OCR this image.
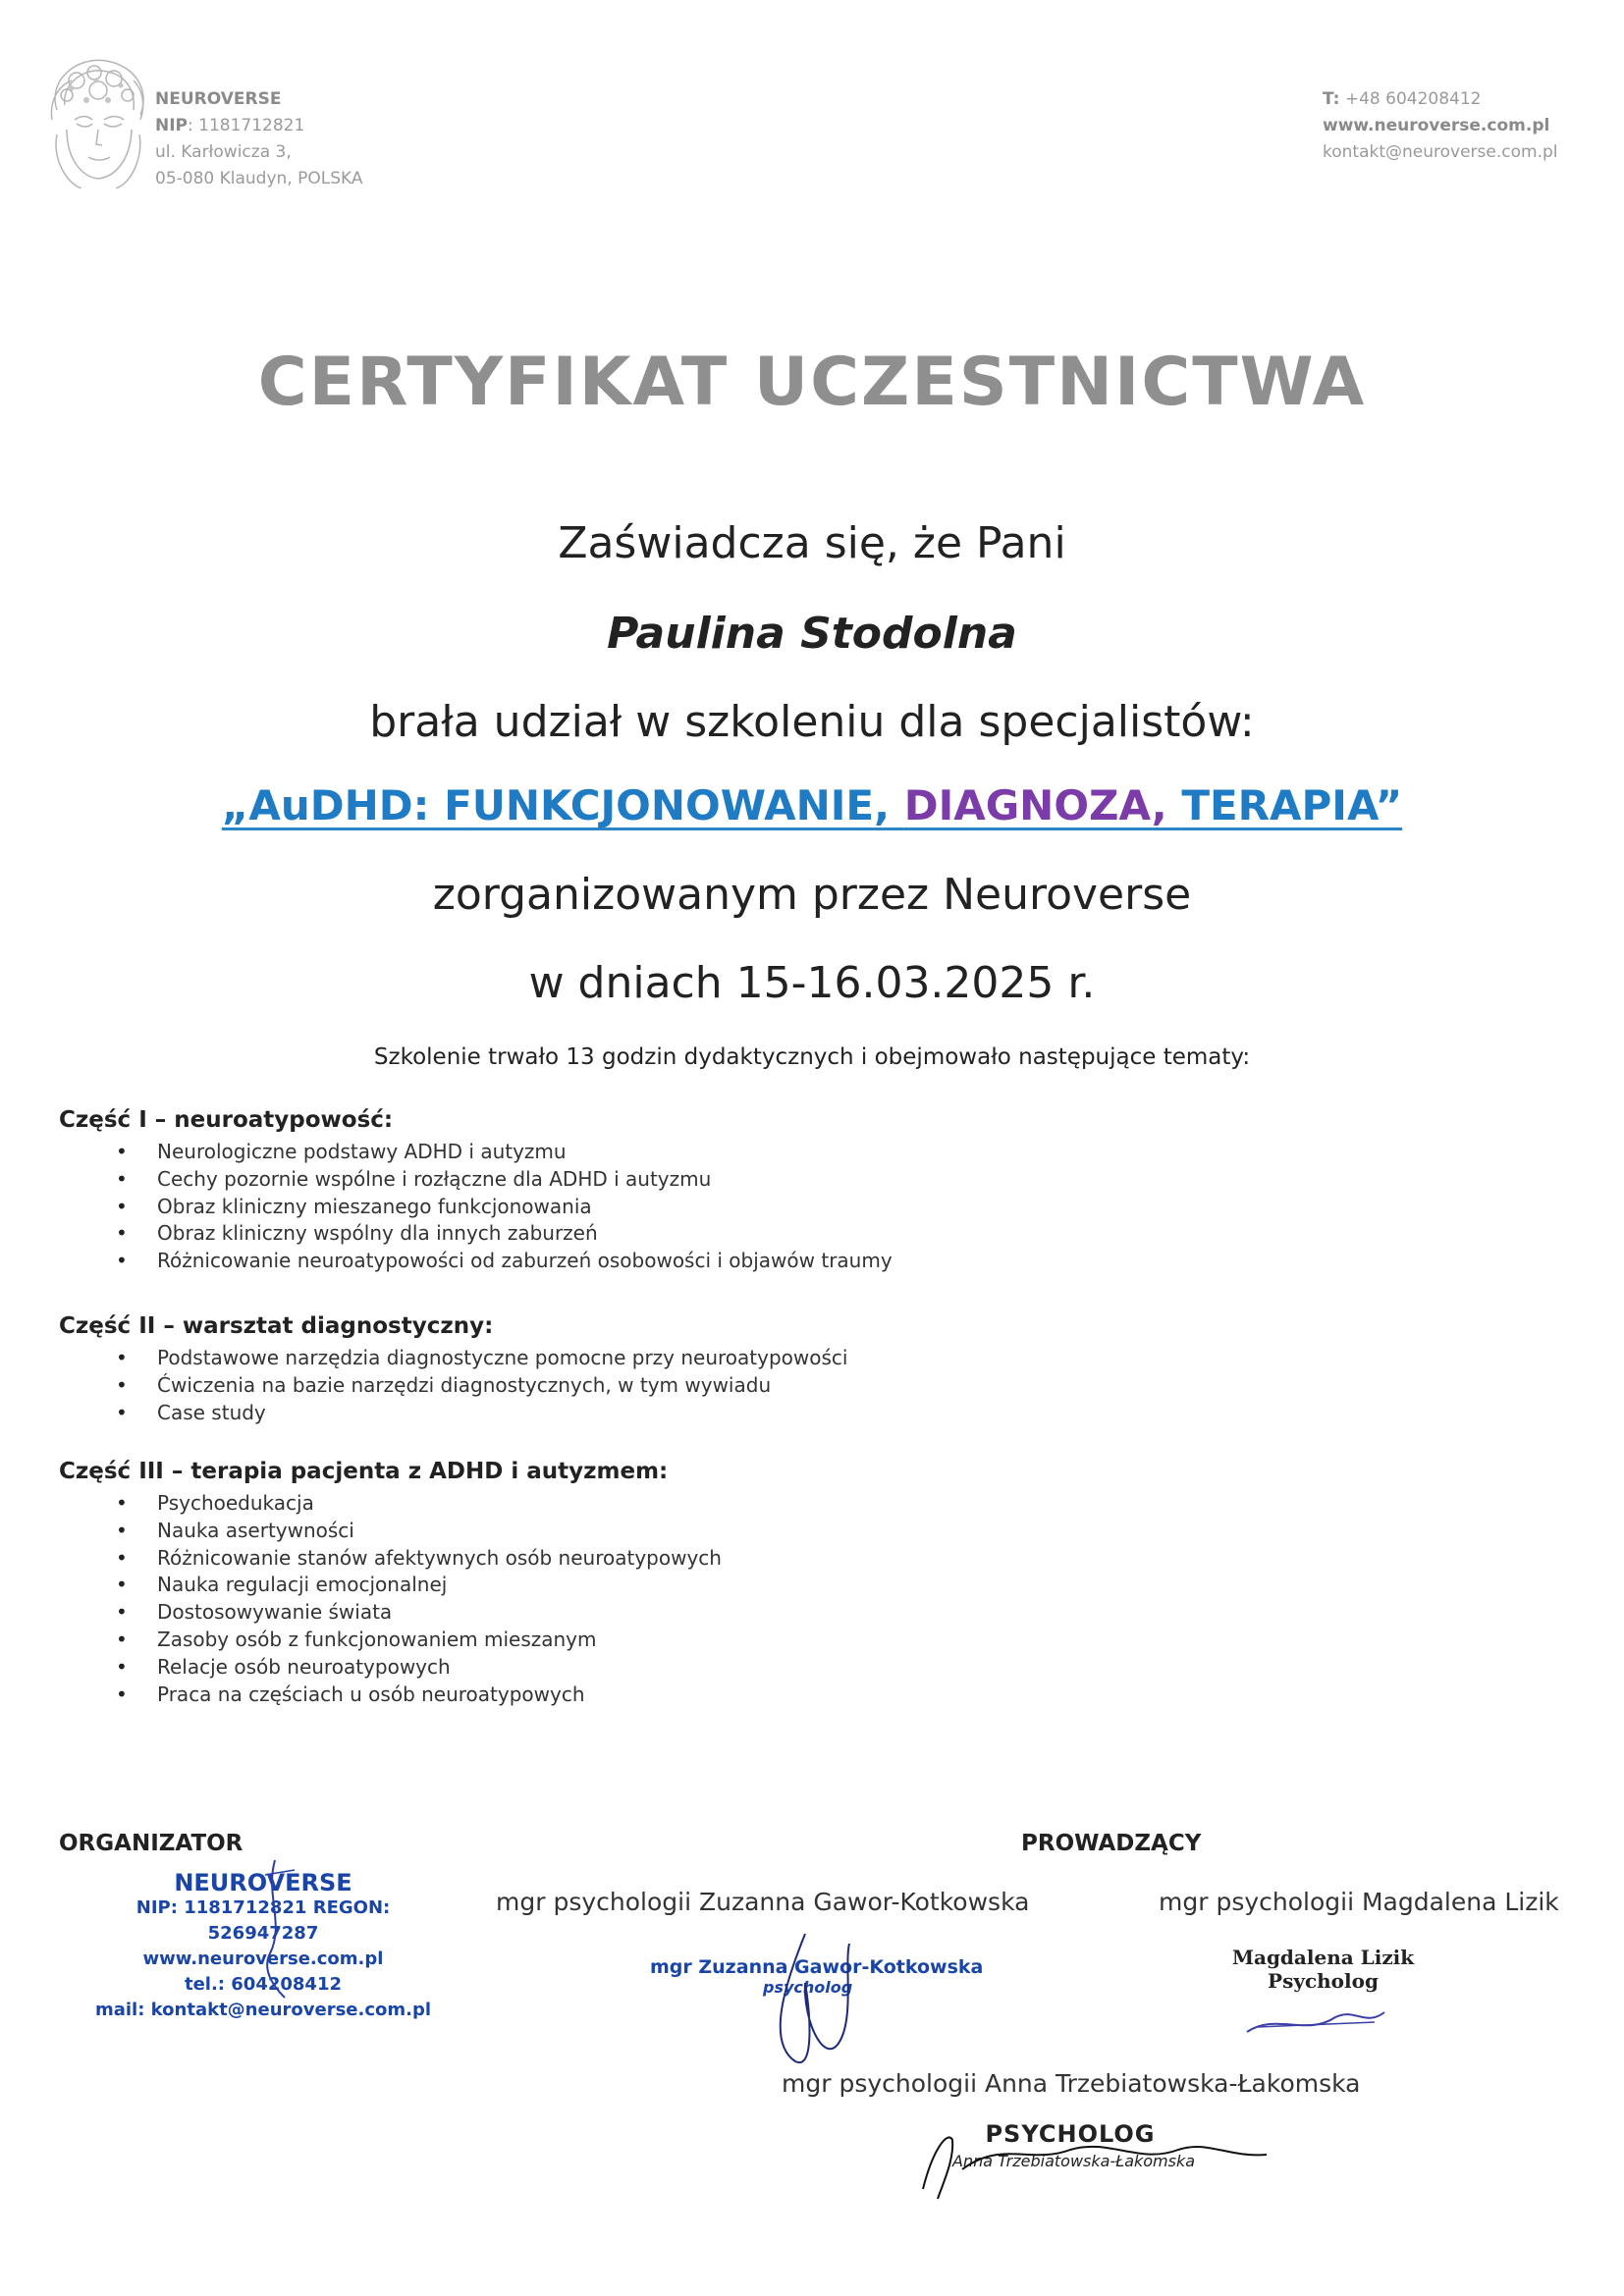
NEUROVERSE
NIP: 1181712821
ul. Karłowicza 3,
05-080 Klaudyn, POLSKA
T: +48 604208412
www.neuroverse.com.pl
kontakt@neuroverse.com.pl
CERTYFIKAT UCZESTNICTWA
Zaświadcza się, że Pani
Paulina Stodolna
brała udział w szkoleniu dla specjalistów:
„AuDHD: FUNKCJONOWANIE, DIAGNOZA, TERAPIA”
zorganizowanym przez Neuroverse
w dniach 15-16.03.2025 r.
Szkolenie trwało 13 godzin dydaktycznych i obejmowało następujące tematy:
Część I – neuroatypowość:
• Neurologiczne podstawy ADHD i autyzmu
• Cechy pozornie wspólne i rozłączne dla ADHD i autyzmu
• Obraz kliniczny mieszanego funkcjonowania
• Obraz kliniczny wspólny dla innych zaburzeń
• Różnicowanie neuroatypowości od zaburzeń osobowości i objawów traumy
Część II – warsztat diagnostyczny:
• Podstawowe narzędzia diagnostyczne pomocne przy neuroatypowości
• Ćwiczenia na bazie narzędzi diagnostycznych, w tym wywiadu
• Case study
Część III – terapia pacjenta z ADHD i autyzmem:
• Psychoedukacja
• Nauka asertywności
• Różnicowanie stanów afektywnych osób neuroatypowych
• Nauka regulacji emocjonalnej
• Dostosowywanie świata
• Zasoby osób z funkcjonowaniem mieszanym
• Relacje osób neuroatypowych
• Praca na częściach u osób neuroatypowych
ORGANIZATOR	PROWADZĄCY
NEUROVERSE
NIP: 1181712821 REGON: 526947287
www.neuroverse.com.pl
tel.: 604208412
mail: kontakt@neuroverse.com.pl
mgr psychologii Zuzanna Gawor-Kotkowska	mgr psychologii Magdalena Lizik
mgr psychologii Anna Trzebiatowska-Łakomska
mgr Zuzanna Gawor-Kotkowska
psycholog
Magdalena Lizik
Psycholog
PSYCHOLOG
Anna Trzebiatowska-Łakomska
